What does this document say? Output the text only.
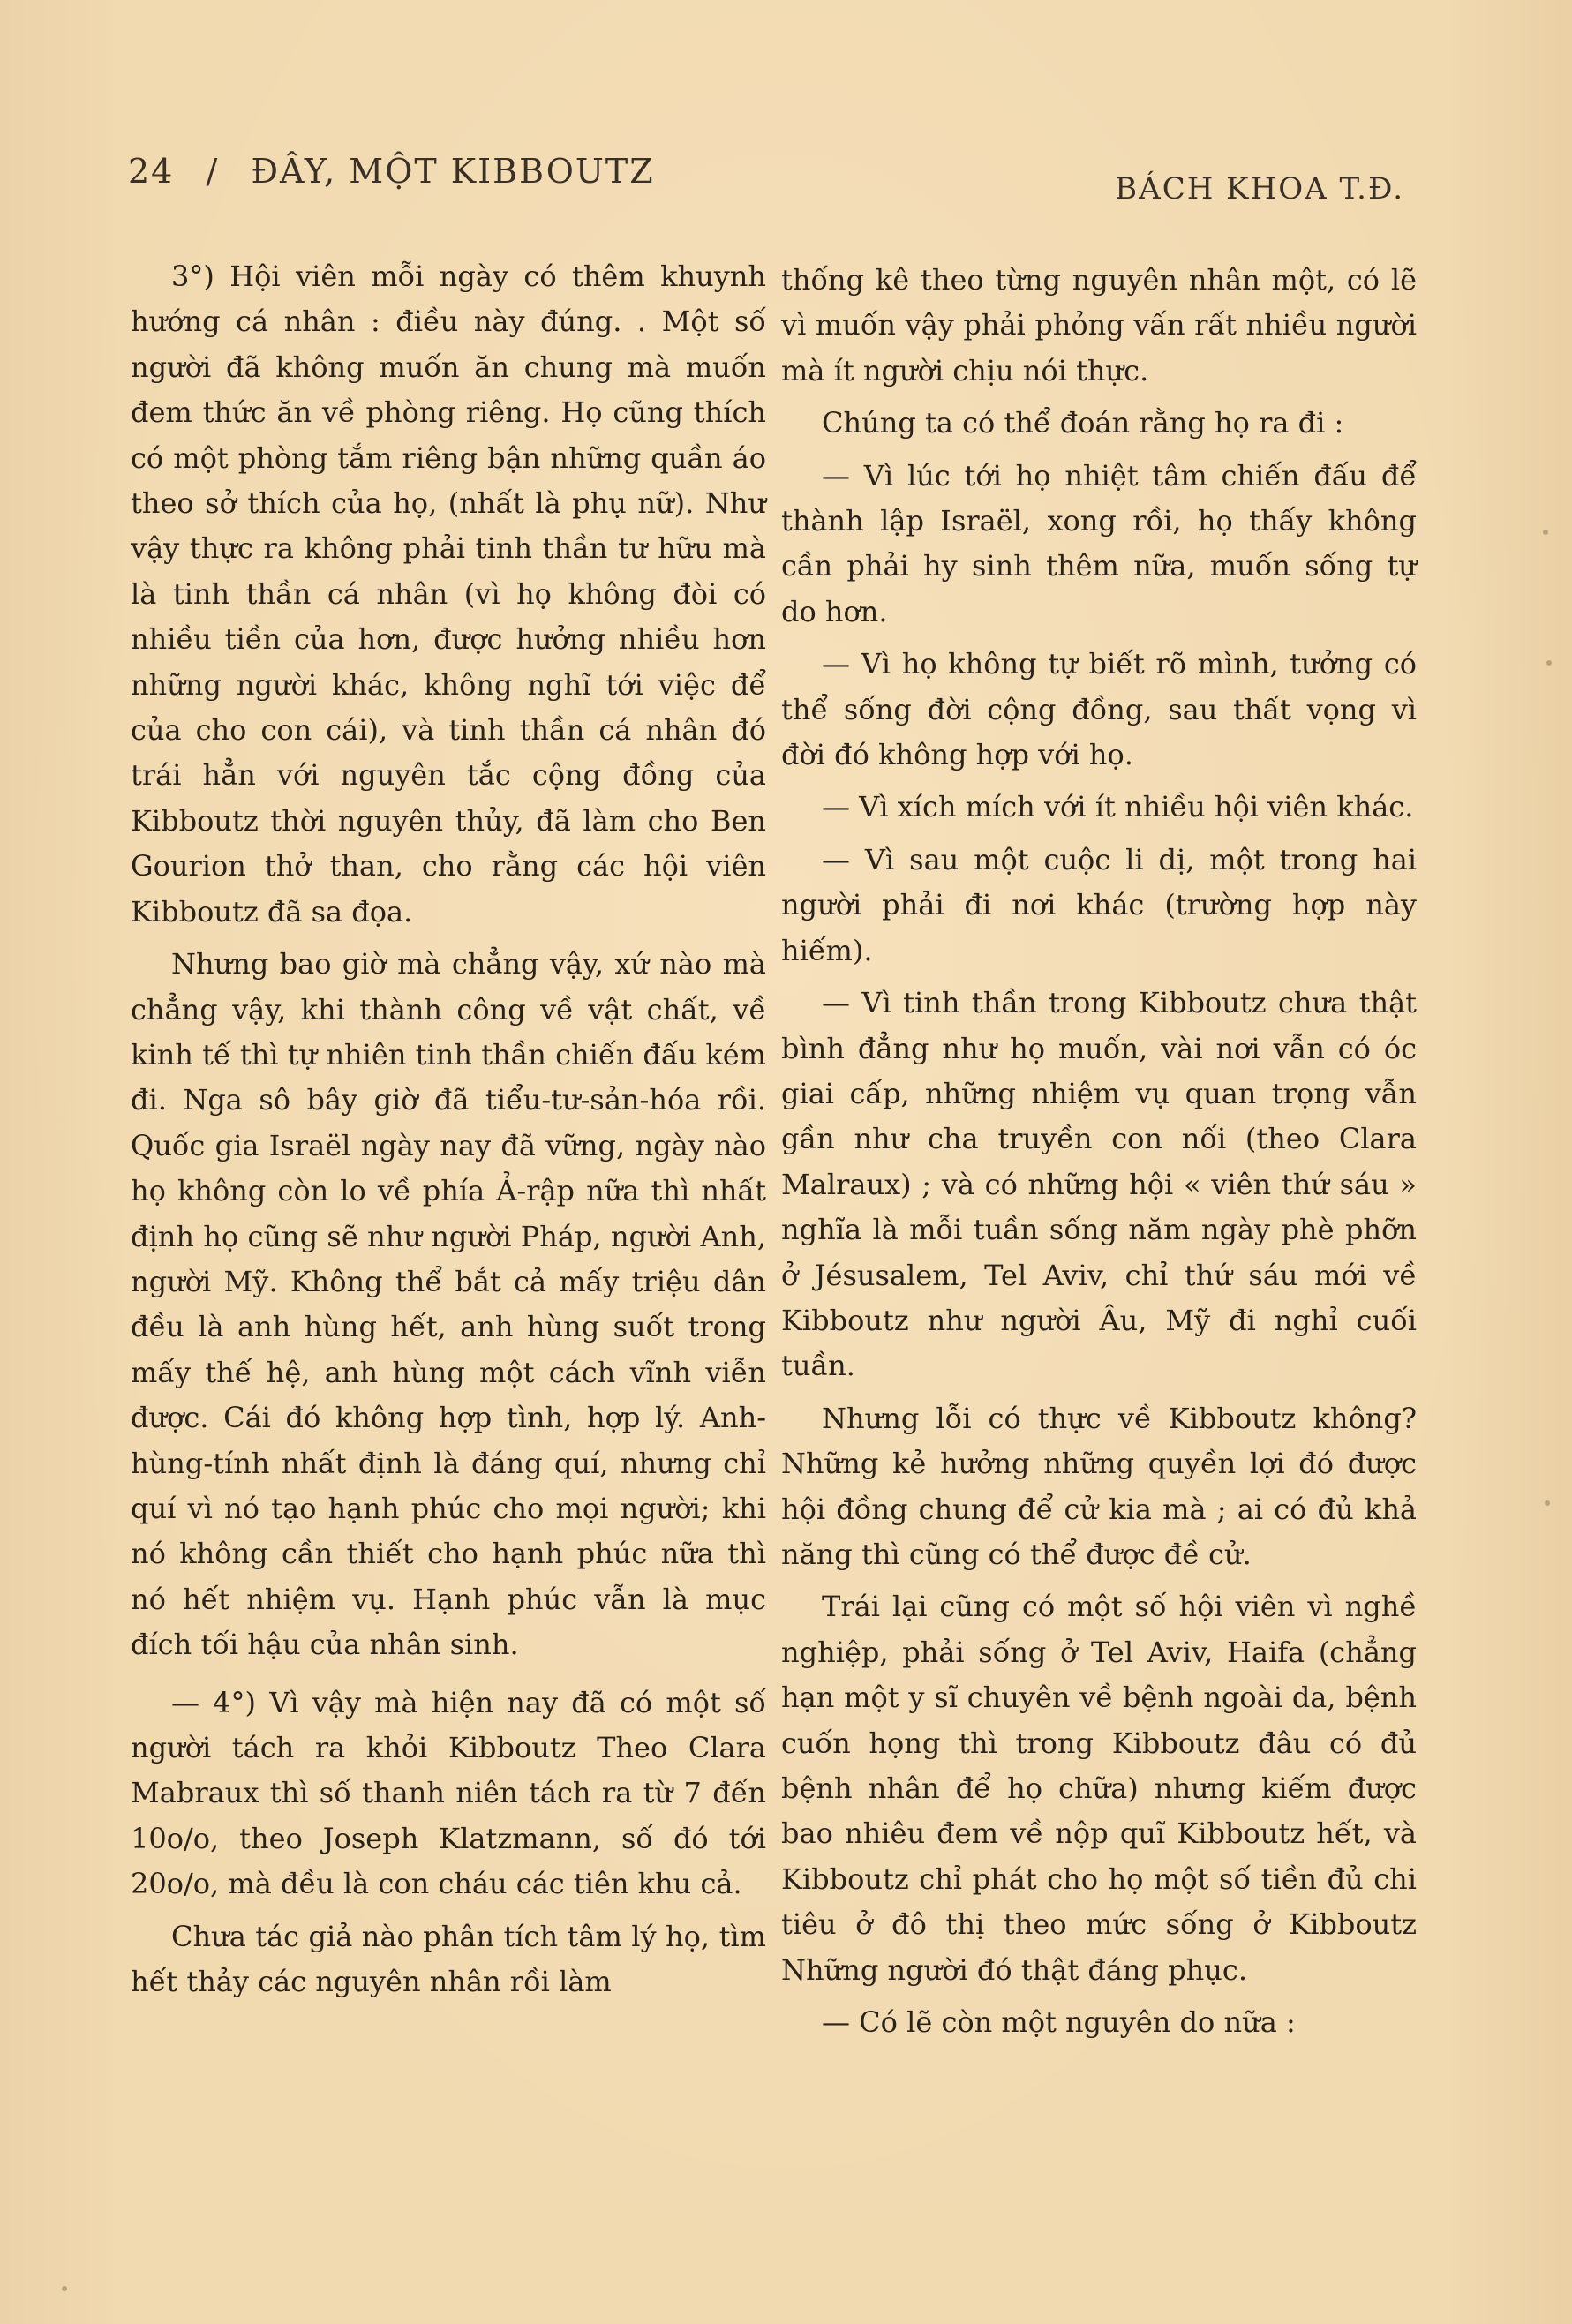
24 / ĐÂY, MỘT KIBBOUTZ	BÁCH KHOA T.Đ.

3°) Hội viên mỗi ngày có thêm khuynh hướng cá nhân : điều này đúng. . Một số người đã không muốn ăn chung mà muốn đem thức ăn về phòng riêng. Họ cũng thích có một phòng tắm riêng bận những quần áo theo sở thích của họ, (nhất là phụ nữ). Như vậy thực ra không phải tinh thần tư hữu mà là tinh thần cá nhân (vì họ không đòi có nhiều tiền của hơn, được hưởng nhiều hơn những người khác, không nghĩ tới việc để của cho con cái), và tinh thần cá nhân đó trái hẳn với nguyên tắc cộng đồng của Kibboutz thời nguyên thủy, đã làm cho Ben Gourion thở than, cho rằng các hội viên Kibboutz đã sa đọa.

Nhưng bao giờ mà chẳng vậy, xứ nào mà chẳng vậy, khi thành công về vật chất, về kinh tế thì tự nhiên tinh thần chiến đấu kém đi. Nga sô bây giờ đã tiểu-tư-sản-hóa rồi. Quốc gia Israël ngày nay đã vững, ngày nào họ không còn lo về phía Ả-rập nữa thì nhất định họ cũng sẽ như người Pháp, người Anh, người Mỹ. Không thể bắt cả mấy triệu dân đều là anh hùng hết, anh hùng suốt trong mấy thế hệ, anh hùng một cách vĩnh viễn được. Cái đó không hợp tình, hợp lý. Anh-hùng-tính nhất định là đáng quí, nhưng chỉ quí vì nó tạo hạnh phúc cho mọi người; khi nó không cần thiết cho hạnh phúc nữa thì nó hết nhiệm vụ. Hạnh phúc vẫn là mục đích tối hậu của nhân sinh.

— 4°) Vì vậy mà hiện nay đã có một số người tách ra khỏi Kibboutz Theo Clara Mabraux thì số thanh niên tách ra từ 7 đến 10o/o, theo Joseph Klatzmann, số đó tới 20o/o, mà đều là con cháu các tiên khu cả.

Chưa tác giả nào phân tích tâm lý họ, tìm hết thảy các nguyên nhân rồi làm

thống kê theo từng nguyên nhân một, có lẽ vì muốn vậy phải phỏng vấn rất nhiều người mà ít người chịu nói thực.

Chúng ta có thể đoán rằng họ ra đi :

— Vì lúc tới họ nhiệt tâm chiến đấu để thành lập Israël, xong rồi, họ thấy không cần phải hy sinh thêm nữa, muốn sống tự do hơn.

— Vì họ không tự biết rõ mình, tưởng có thể sống đời cộng đồng, sau thất vọng vì đời đó không hợp với họ.

— Vì xích mích với ít nhiều hội viên khác.

— Vì sau một cuộc li dị, một trong hai người phải đi nơi khác (trường hợp này hiếm).

— Vì tinh thần trong Kibboutz chưa thật bình đẳng như họ muốn, vài nơi vẫn có óc giai cấp, những nhiệm vụ quan trọng vẫn gần như cha truyền con nối (theo Clara Malraux) ; và có những hội « viên thứ sáu » nghĩa là mỗi tuần sống năm ngày phè phỡn ở Jésusalem, Tel Aviv, chỉ thứ sáu mới về Kibboutz như người Âu, Mỹ đi nghỉ cuối tuần.

Nhưng lỗi có thực về Kibboutz không? Những kẻ hưởng những quyền lợi đó được hội đồng chung để cử kia mà ; ai có đủ khả năng thì cũng có thể được đề cử.

Trái lại cũng có một số hội viên vì nghề nghiệp, phải sống ở Tel Aviv, Haifa (chẳng hạn một y sĩ chuyên về bệnh ngoài da, bệnh cuốn họng thì trong Kibboutz đâu có đủ bệnh nhân để họ chữa) nhưng kiếm được bao nhiêu đem về nộp quĩ Kibboutz hết, và Kibboutz chỉ phát cho họ một số tiền đủ chi tiêu ở đô thị theo mức sống ở Kibboutz Những người đó thật đáng phục.

— Có lẽ còn một nguyên do nữa :
